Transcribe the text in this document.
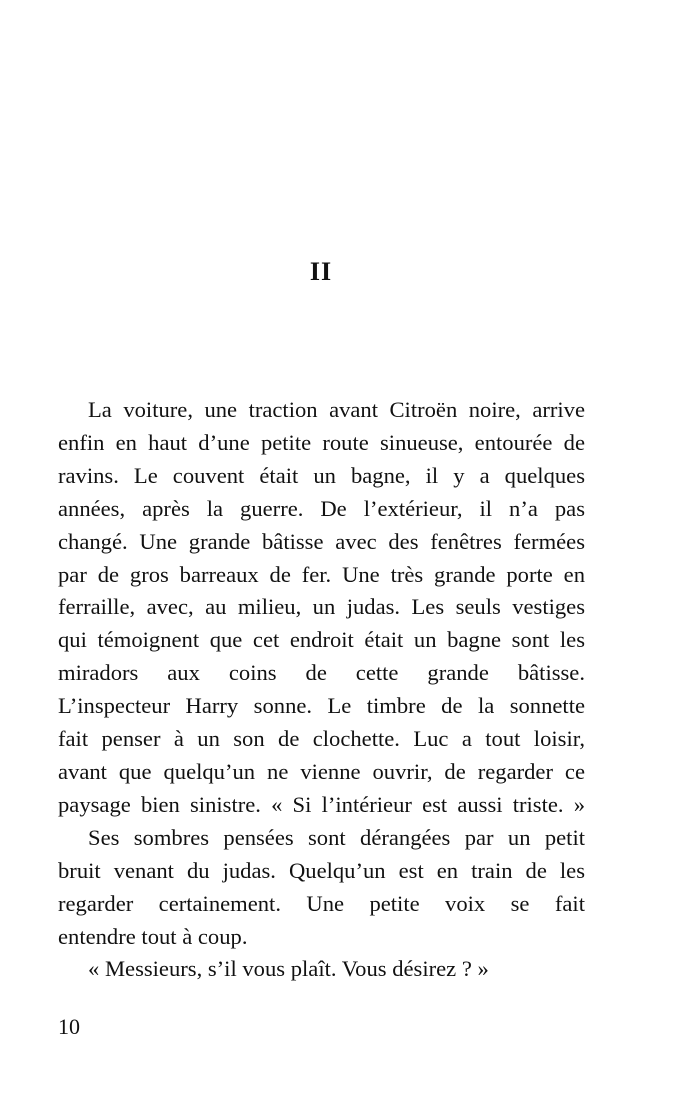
II

La voiture, une traction avant Citroën noire, arrive
enfin en haut d’une petite route sinueuse, entourée de
ravins. Le couvent était un bagne, il y a quelques
années, après la guerre. De l’extérieur, il n’a pas
changé. Une grande bâtisse avec des fenêtres fermées
par de gros barreaux de fer. Une très grande porte en
ferraille, avec, au milieu, un judas. Les seuls vestiges
qui témoignent que cet endroit était un bagne sont les
miradors aux coins de cette grande bâtisse.
L’inspecteur Harry sonne. Le timbre de la sonnette
fait penser à un son de clochette. Luc a tout loisir,
avant que quelqu’un ne vienne ouvrir, de regarder ce
paysage bien sinistre. « Si l’intérieur est aussi triste. »

Ses sombres pensées sont dérangées par un petit
bruit venant du judas. Quelqu’un est en train de les
regarder certainement. Une petite voix se fait
entendre tout à coup.

« Messieurs, s’il vous plaît. Vous désirez ? »

10
